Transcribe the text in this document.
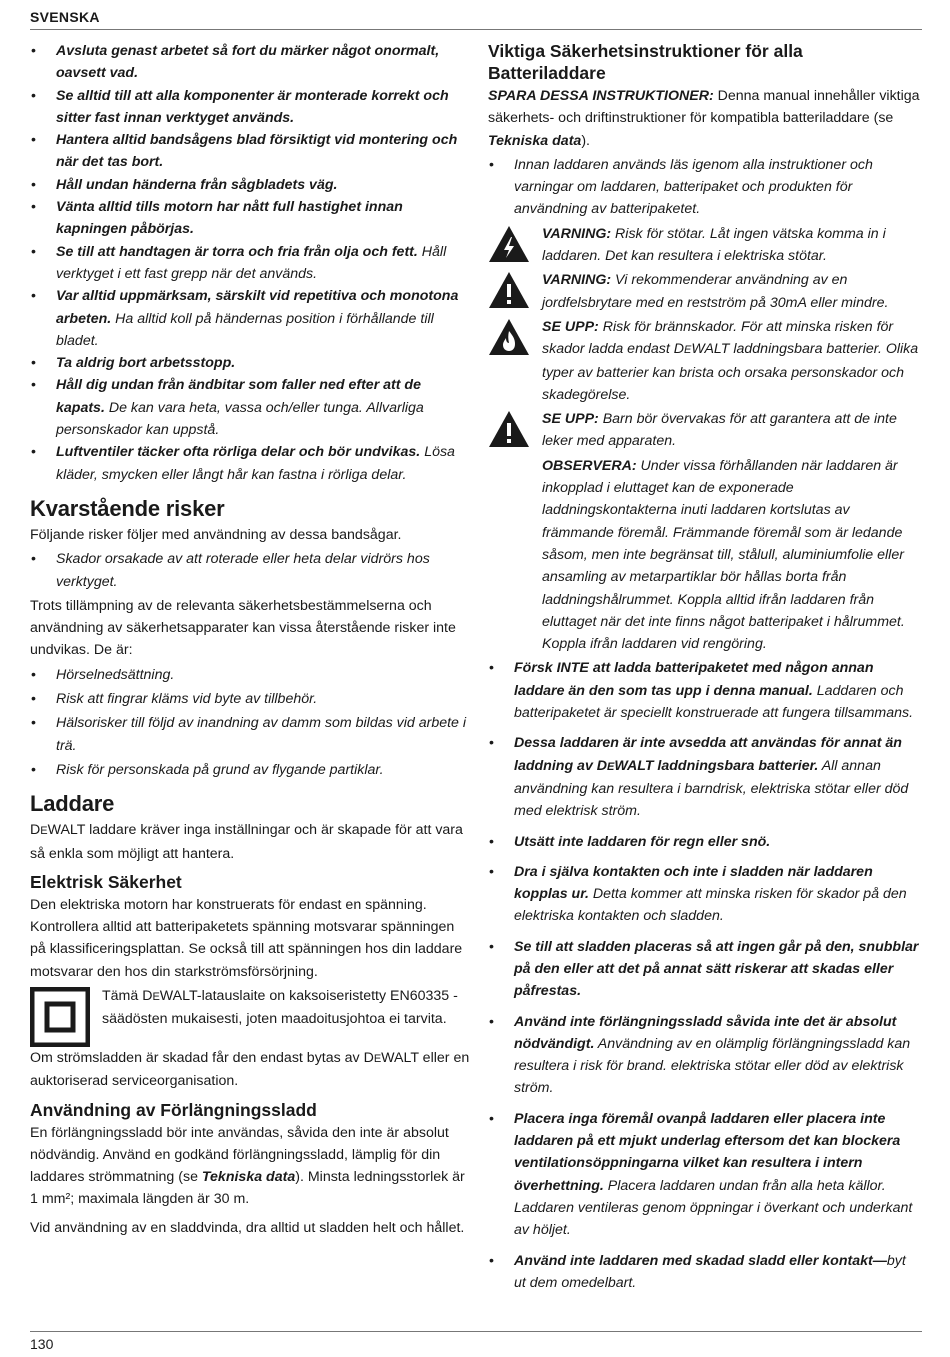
SVENSKA
• Avsluta genast arbetet så fort du märker något onormalt, oavsett vad.
• Se alltid till att alla komponenter är monterade korrekt och sitter fast innan verktyget används.
• Hantera alltid bandsågens blad försiktigt vid montering och när det tas bort.
• Håll undan händerna från sågbladets väg.
• Vänta alltid tills motorn har nått full hastighet innan kapningen påbörjas.
• Se till att handtagen är torra och fria från olja och fett. Håll verktyget i ett fast grepp när det används.
• Var alltid uppmärksam, särskilt vid repetitiva och monotona arbeten. Ha alltid koll på händernas position i förhållande till bladet.
• Ta aldrig bort arbetsstopp.
• Håll dig undan från ändbitar som faller ned efter att de kapats. De kan vara heta, vassa och/eller tunga. Allvarliga personskador kan uppstå.
• Luftventiler täcker ofta rörliga delar och bör undvikas. Lösa kläder, smycken eller långt hår kan fastna i rörliga delar.
Kvarstående risker

Följande risker följer med användning av dessa bandsågar.

• Skador orsakade av att roterade eller heta delar vidrörs hos verktyget.

Trots tillämpning av de relevanta säkerhetsbestämmelserna och användning av säkerhetsapparater kan vissa återstående risker inte undvikas. De är:

• Hörselnedsättning.
• Risk att fingrar kläms vid byte av tillbehör.
• Hälsorisker till följd av inandning av damm som bildas vid arbete i trä.
• Risk för personskada på grund av flygande partiklar.
Laddare

DEWALT laddare kräver inga inställningar och är skapade för att vara så enkla som möjligt att hantera.

Elektrisk Säkerhet

Den elektriska motorn har konstruerats för endast en spänning. Kontrollera alltid att batteripaketets spänning motsvarar spänningen på klassificeringsplattan. Se också till att spänningen hos din laddare motsvarar den hos din starkströmsförsörjning.

Tämä DEWALT-latauslaite on kaksoiseristetty EN60335 -säädösten mukaisesti, joten maadoitusjohtoa ei tarvita.

Om strömsladden är skadad får den endast bytas av DEWALT eller en auktoriserad serviceorganisation.

Användning av Förlängningssladd

En förlängningssladd bör inte användas, såvida den inte är absolut nödvändig. Använd en godkänd förlängningssladd, lämplig för din laddares strömmatning (se Tekniska data). Minsta ledningsstorlek är 1 mm²; maximala längden är 30 m.

Vid användning av en sladdvinda, dra alltid ut sladden helt och hållet.

Viktiga Säkerhetsinstruktioner för alla Batteriladdare

SPARA DESSA INSTRUKTIONER: Denna manual innehåller viktiga säkerhets- och driftinstruktioner för kompatibla batteriladdare (se Tekniska data).

• Innan laddaren används läs igenom alla instruktioner och varningar om laddaren, batteripaket och produkten för användning av batteripaketet.
VARNING: Risk för stötar. Låt ingen vätska komma in i laddaren. Det kan resultera i elektriska stötar.
VARNING: Vi rekommenderar användning av en jordfelsbrytare med en restström på 30mA eller mindre.
SE UPP: Risk för brännskador. För att minska risken för skador ladda endast DEWALT laddningsbara batterier. Olika typer av batterier kan brista och orsaka personskador och skadegörelse.
SE UPP: Barn bör övervakas för att garantera att de inte leker med apparaten.
OBSERVERA: Under vissa förhållanden när laddaren är inkopplad i eluttaget kan de exponerade laddningskontakterna inuti laddaren kortslutas av främmande föremål. Främmande föremål som är ledande såsom, men inte begränsat till, stålull, aluminiumfolie eller ansamling av metarpartiklar bör hållas borta från laddningshålrummet. Koppla alltid ifrån laddaren från eluttaget när det inte finns något batteripaket i hålrummet. Koppla ifrån laddaren vid rengöring.
• Försk INTE att ladda batteripaketet med någon annan laddare än den som tas upp i denna manual. Laddaren och batteripaketet är speciellt konstruerade att fungera tillsammans.
• Dessa laddaren är inte avsedda att användas för annat än laddning av DEWALT laddningsbara batterier. All annan användning kan resultera i barndrisk, elektriska stötar eller död med elektrisk ström.
• Utsätt inte laddaren för regn eller snö.
• Dra i själva kontakten och inte i sladden när laddaren kopplas ur. Detta kommer att minska risken för skador på den elektriska kontakten och sladden.
• Se till att sladden placeras så att ingen går på den, snubblar på den eller att det på annat sätt riskerar att skadas eller påfrestas.
• Använd inte förlängningssladd såvida inte det är absolut nödvändigt. Användning av en olämplig förlängningssladd kan resultera i risk för brand. elektriska stötar eller död av elektrisk ström.
• Placera inga föremål ovanpå laddaren eller placera inte laddaren på ett mjukt underlag eftersom det kan blockera ventilationsöppningarna vilket kan resultera i intern överhettning. Placera laddaren undan från alla heta källor. Laddaren ventileras genom öppningar i överkant och underkant av höljet.
• Använd inte laddaren med skadad sladd eller kontakt—byt ut dem omedelbart.
130
